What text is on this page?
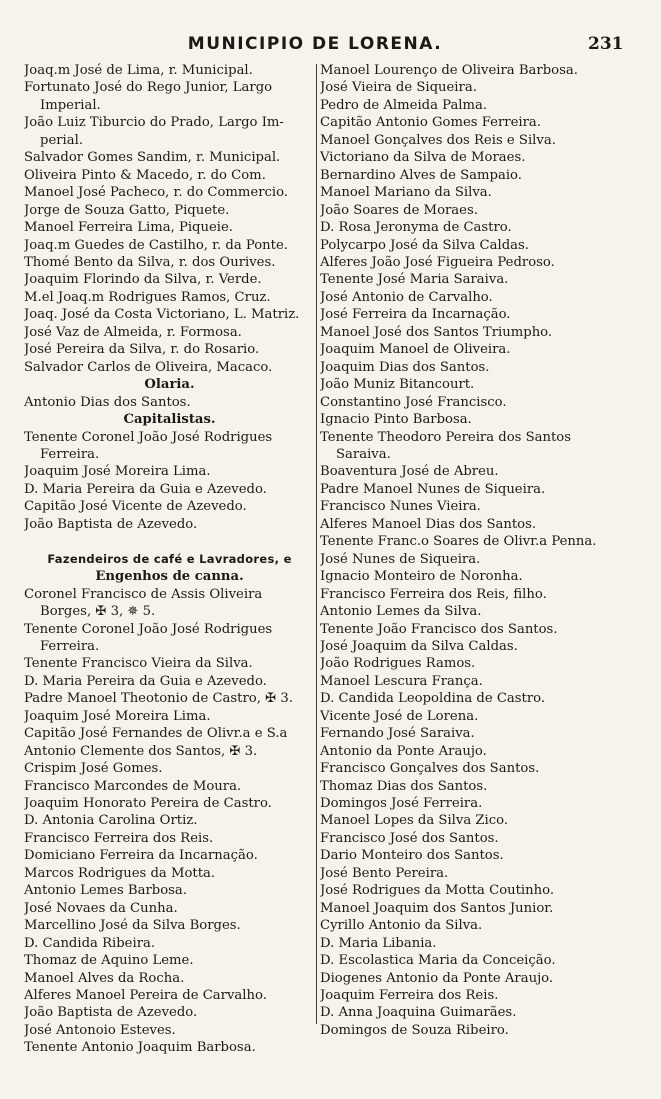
MUNICIPIO DE LORENA.	231
Joaq.m José de Lima, r. Municipal.
Fortunato José do Rego Junior, Largo
Imperial.
João Luiz Tiburcio do Prado, Largo Im-
perial.
Salvador Gomes Sandim, r. Municipal.
Oliveira Pinto & Macedo, r. do Com.
Manoel José Pacheco, r. do Commercio.
Jorge de Souza Gatto, Piquete.
Manoel Ferreira Lima, Piqueie.
Joaq.m Guedes de Castilho, r. da Ponte.
Thomé Bento da Silva, r. dos Ourives.
Joaquim Florindo da Silva, r. Verde.
M.el Joaq.m Rodrigues Ramos, Cruz.
Joaq. José da Costa Victoriano, L. Matriz.
José Vaz de Almeida, r. Formosa.
José Pereira da Silva, r. do Rosario.
Salvador Carlos de Oliveira, Macaco.
Olaria.
Antonio Dias dos Santos.
Capitalistas.
Tenente Coronel João José Rodrigues
Ferreira.
Joaquim José Moreira Lima.
D. Maria Pereira da Guia e Azevedo.
Capitão José Vicente de Azevedo.
João Baptista de Azevedo.

Fazendeiros de café e Lavradores, e
Engenhos de canna.
Coronel Francisco de Assis Oliveira
Borges, ✠ 3, ✵ 5.
Tenente Coronel João José Rodrigues
Ferreira.
Tenente Francisco Vieira da Silva.
D. Maria Pereira da Guia e Azevedo.
Padre Manoel Theotonio de Castro, ✠ 3.
Joaquim José Moreira Lima.
Capitão José Fernandes de Olivr.a e S.a
Antonio Clemente dos Santos, ✠ 3.
Crispim José Gomes.
Francisco Marcondes de Moura.
Joaquim Honorato Pereira de Castro.
D. Antonia Carolina Ortiz.
Francisco Ferreira dos Reis.
Domiciano Ferreira da Incarnação.
Marcos Rodrigues da Motta.
Antonio Lemes Barbosa.
José Novaes da Cunha.
Marcellino José da Silva Borges.
D. Candida Ribeira.
Thomaz de Aquino Leme.
Manoel Alves da Rocha.
Alferes Manoel Pereira de Carvalho.
João Baptista de Azevedo.
José Antonoio Esteves.
Tenente Antonio Joaquim Barbosa.
Manoel Lourenço de Oliveira Barbosa.
José Vieira de Siqueira.
Pedro de Almeida Palma.
Capitão Antonio Gomes Ferreira.
Manoel Gonçalves dos Reis e Silva.
Victoriano da Silva de Moraes.
Bernardino Alves de Sampaio.
Manoel Mariano da Silva.
João Soares de Moraes.
D. Rosa Jeronyma de Castro.
Polycarpo José da Silva Caldas.
Alferes João José Figueira Pedroso.
Tenente José Maria Saraiva.
José Antonio de Carvalho.
José Ferreira da Incarnação.
Manoel José dos Santos Triumpho.
Joaquim Manoel de Oliveira.
Joaquim Dias dos Santos.
João Muniz Bitancourt.
Constantino José Francisco.
Ignacio Pinto Barbosa.
Tenente Theodoro Pereira dos Santos
Saraiva.
Boaventura José de Abreu.
Padre Manoel Nunes de Siqueira.
Francisco Nunes Vieira.
Alferes Manoel Dias dos Santos.
Tenente Franc.o Soares de Olivr.a Penna.
José Nunes de Siqueira.
Ignacio Monteiro de Noronha.
Francisco Ferreira dos Reis, filho.
Antonio Lemes da Silva.
Tenente João Francisco dos Santos.
José Joaquim da Silva Caldas.
João Rodrigues Ramos.
Manoel Lescura França.
D. Candida Leopoldina de Castro.
Vicente José de Lorena.
Fernando José Saraiva.
Antonio da Ponte Araujo.
Francisco Gonçalves dos Santos.
Thomaz Dias dos Santos.
Domingos José Ferreira.
Manoel Lopes da Silva Zico.
Francisco José dos Santos.
Dario Monteiro dos Santos.
José Bento Pereira.
José Rodrigues da Motta Coutinho.
Manoel Joaquim dos Santos Junior.
Cyrillo Antonio da Silva.
D. Maria Libania.
D. Escolastica Maria da Conceição.
Diogenes Antonio da Ponte Araujo.
Joaquim Ferreira dos Reis.
D. Anna Joaquina Guimarães.
Domingos de Souza Ribeiro.
